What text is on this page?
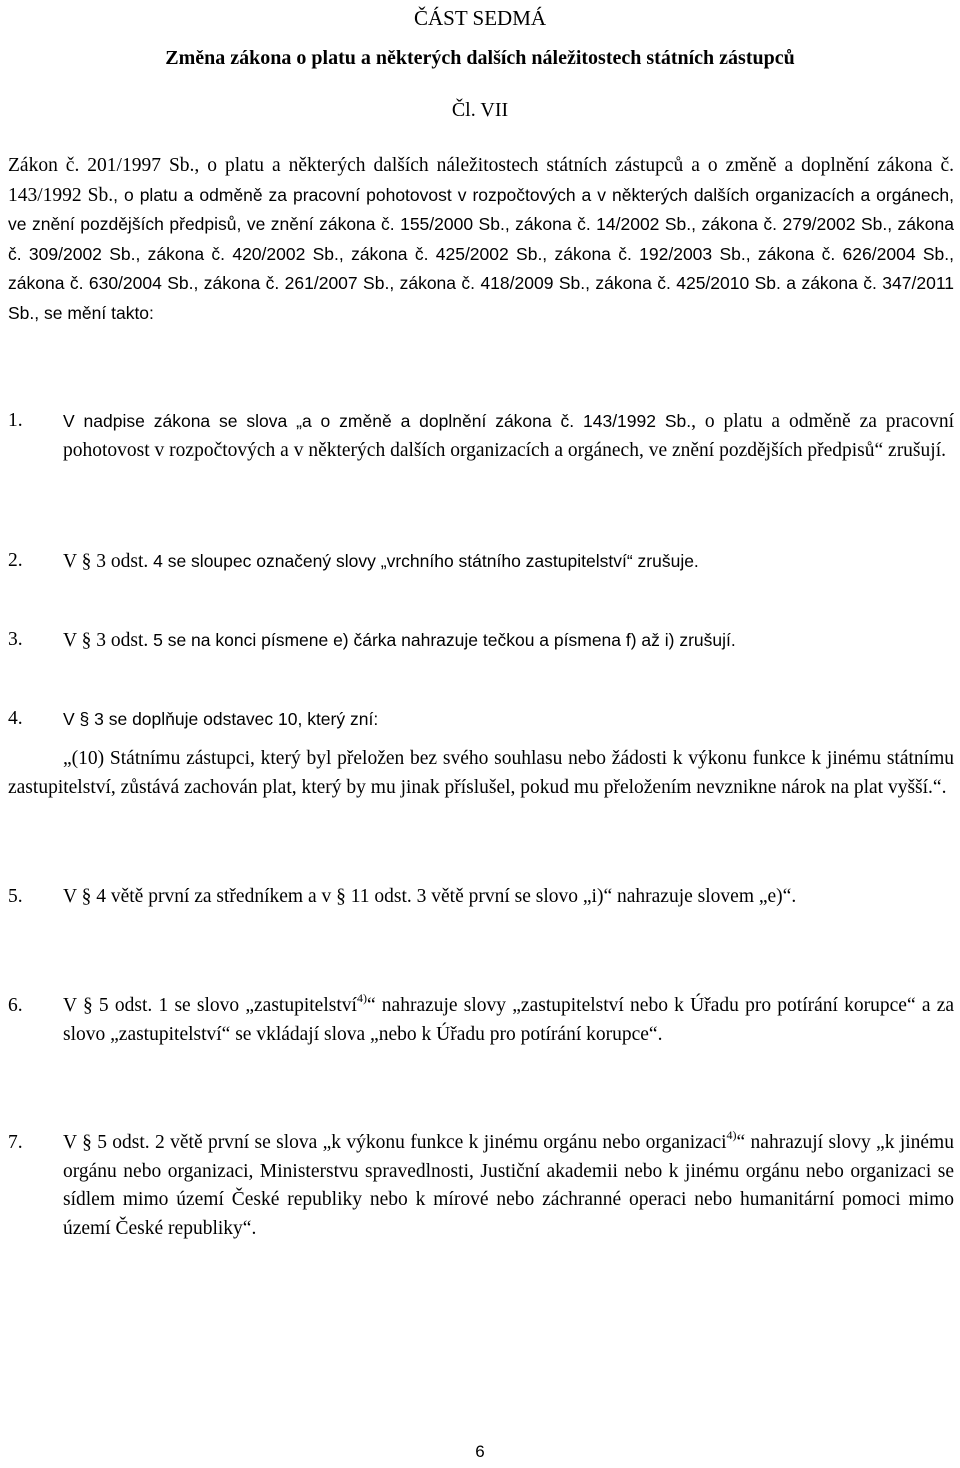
ČÁST SEDMÁ
Změna zákona o platu a některých dalších náležitostech státních zástupců
Čl. VII
Zákon č. 201/1997 Sb., o platu a některých dalších náležitostech státních zástupců a o změně a doplnění zákona č. 143/1992 Sb., o platu a odměně za pracovní pohotovost v rozpočtových a v některých dalších organizacích a orgánech, ve znění pozdějších předpisů, ve znění zákona č. 155/2000 Sb., zákona č. 14/2002 Sb., zákona č. 279/2002 Sb., zákona č. 309/2002 Sb., zákona č. 420/2002 Sb., zákona č. 425/2002 Sb., zákona č. 192/2003 Sb., zákona č. 626/2004 Sb., zákona č. 630/2004 Sb., zákona č. 261/2007 Sb., zákona č. 418/2009 Sb., zákona č. 425/2010 Sb. a zákona č. 347/2011 Sb., se mění takto:
1.	V nadpise zákona se slova „a o změně a doplnění zákona č. 143/1992 Sb., o platu a odměně za pracovní pohotovost v rozpočtových a v některých dalších organizacích a orgánech, ve znění pozdějších předpisů“ zrušují.
2.	V § 3 odst. 4 se sloupec označený slovy „vrchního státního zastupitelství“ zrušuje.
3.	V § 3 odst. 5 se na konci písmene e) čárka nahrazuje tečkou a písmena f) až i) zrušují.
4.	V § 3 se doplňuje odstavec 10, který zní:
„(10) Státnímu zástupci, který byl přeložen bez svého souhlasu nebo žádosti k výkonu funkce k jinému státnímu zastupitelství, zůstává zachován plat, který by mu jinak příslušel, pokud mu přeložením nevznikne nárok na plat vyšší.“.
5.	V § 4 větě první za středníkem a v § 11 odst. 3 větě první se slovo „i)“ nahrazuje slovem „e)“.
6.	V § 5 odst. 1 se slovo „zastupitelství$^{4)}$“ nahrazuje slovy „zastupitelství nebo k Úřadu pro potírání korupce“ a za slovo „zastupitelství“ se vkládají slova „nebo k Úřadu pro potírání korupce“.
7.	V § 5 odst. 2 větě první se slova „k výkonu funkce k jinému orgánu nebo organizaci$^{4)}$“ nahrazují slovy „k jinému orgánu nebo organizaci, Ministerstvu spravedlnosti, Justiční akademii nebo k jinému orgánu nebo organizaci se sídlem mimo území České republiky nebo k mírové nebo záchranné operaci nebo humanitární pomoci mimo území České republiky“.
6
